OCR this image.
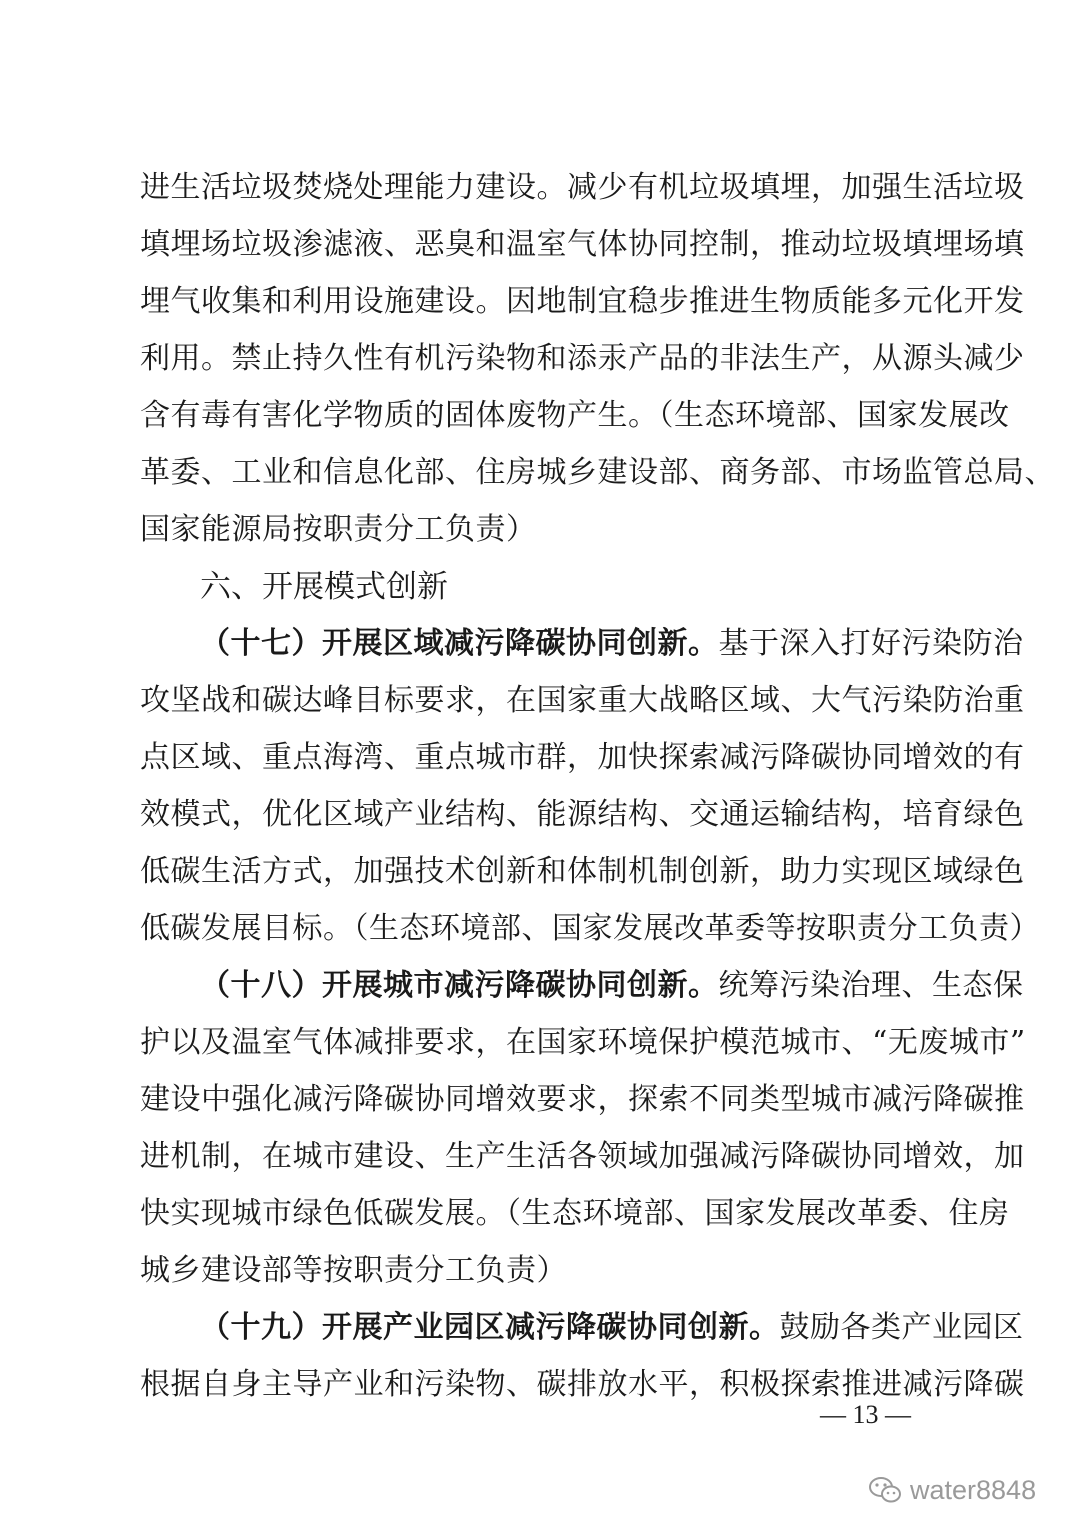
进生活垃圾焚烧处理能力建设。减少有机垃圾填埋，加强生活垃圾
填埋场垃圾渗滤液、恶臭和温室气体协同控制，推动垃圾填埋场填
埋气收集和利用设施建设。因地制宜稳步推进生物质能多元化开发
利用。禁止持久性有机污染物和添汞产品的非法生产，从源头减少
含有毒有害化学物质的固体废物产生。（生态环境部、国家发展改
革委、工业和信息化部、住房城乡建设部、商务部、市场监管总局、
国家能源局按职责分工负责）
六、开展模式创新
（十七）开展区域减污降碳协同创新。基于深入打好污染防治
攻坚战和碳达峰目标要求，在国家重大战略区域、大气污染防治重
点区域、重点海湾、重点城市群，加快探索减污降碳协同增效的有
效模式，优化区域产业结构、能源结构、交通运输结构，培育绿色
低碳生活方式，加强技术创新和体制机制创新，助力实现区域绿色
低碳发展目标。（生态环境部、国家发展改革委等按职责分工负责）
（十八）开展城市减污降碳协同创新。统筹污染治理、生态保
护以及温室气体减排要求，在国家环境保护模范城市、“无废城市”
建设中强化减污降碳协同增效要求，探索不同类型城市减污降碳推
进机制，在城市建设、生产生活各领域加强减污降碳协同增效，加
快实现城市绿色低碳发展。（生态环境部、国家发展改革委、住房
城乡建设部等按职责分工负责）
（十九）开展产业园区减污降碳协同创新。鼓励各类产业园区
根据自身主导产业和污染物、碳排放水平，积极探索推进减污降碳
— 13 —
water8848
